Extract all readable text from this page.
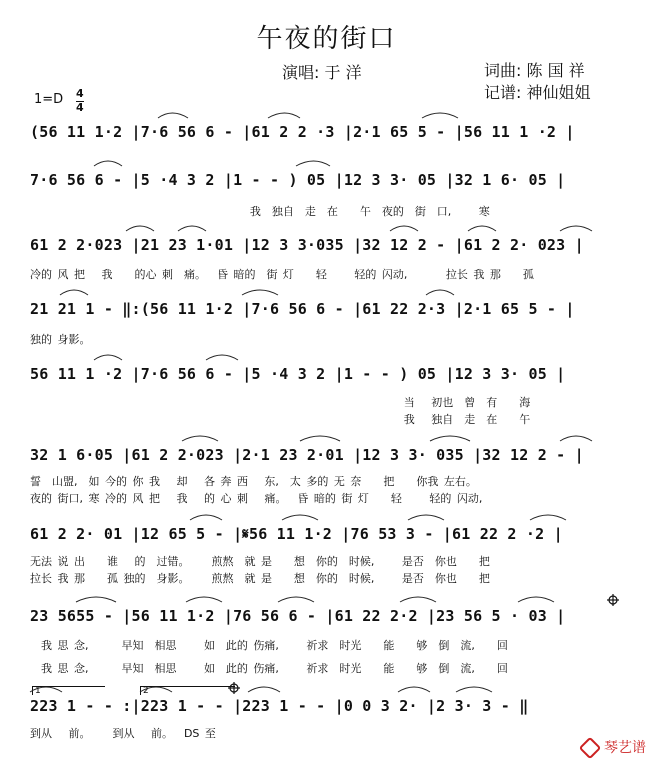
午夜的街口
演唱: 于 洋	词曲: 陈 国 祥
记谱: 神仙姐姐
1=D 4
4
(56 11 1·2 |7·6 56 6 - |61 2 2 ·3 |2·1 65 5 - |56 11 1 ·2 |
7·6 56 6 - |5 ·4 3 2 |1 - - ) 05 |12 3 3· 05 |32 1 6· 05 |
61 2 2·023 |21 23 1·01 |12 3 3·035 |32 12 2 - |61 2 2· 023 |
21 21 1 - ‖:(56 11 1·2 |7·6 56 6 - |61 22 2·3 |2·1 65 5 - |
56 11 1 ·2 |7·6 56 6 - |5 ·4 3 2 |1 - - ) 05 |12 3 3· 05 |
32 1 6·05 |61 2 2·023 |2·1 23 2·01 |12 3 3· 035 |32 12 2 - |
61 2 2· 01 |12 65 5 - |𝄋56 11 1·2 |76 53 3 - |61 22 2 ·2 |
23 5655 - |56 11 1·2 |76 56 6 - |61 22 2·2 |23 56 5 · 03 |
223 1 - - :|223 1 - - |223 1 - - |0 0 3 2· |2 3· 3 - ‖
我  独自  走  在    午  夜的  街  口,     寒
冷的 风 把   我    的心 刺  痛。  昏 暗的  街 灯    轻     轻的 闪动,       拉长 我 那    孤
独的 身影。
当   初也  曾  有    海
我   独自  走  在    午
誓  山盟,  如 今的 你 我   却   各 奔 西   东,  太 多的 无 奈    把    你我 左右。
夜的 街口, 寒 冷的 风 把   我   的 心 刺   痛。  昏 暗的 街 灯    轻     轻的 闪动,
无法 说 出    谁   的  过错。    煎熬  就 是    想  你的  时候,     是否  你也    把
拉长 我 那    孤 独的  身影。    煎熬  就 是    想  你的  时候,     是否  你也    把
我 思 念,      早知  相思     如  此的 伤痛,     祈求  时光    能    够  倒  流,    回
我 思 念,      早知  相思     如  此的 伤痛,     祈求  时光    能    够  倒  流,    回
到从   前。    到从   前。  DS 至
1	2
琴艺谱
